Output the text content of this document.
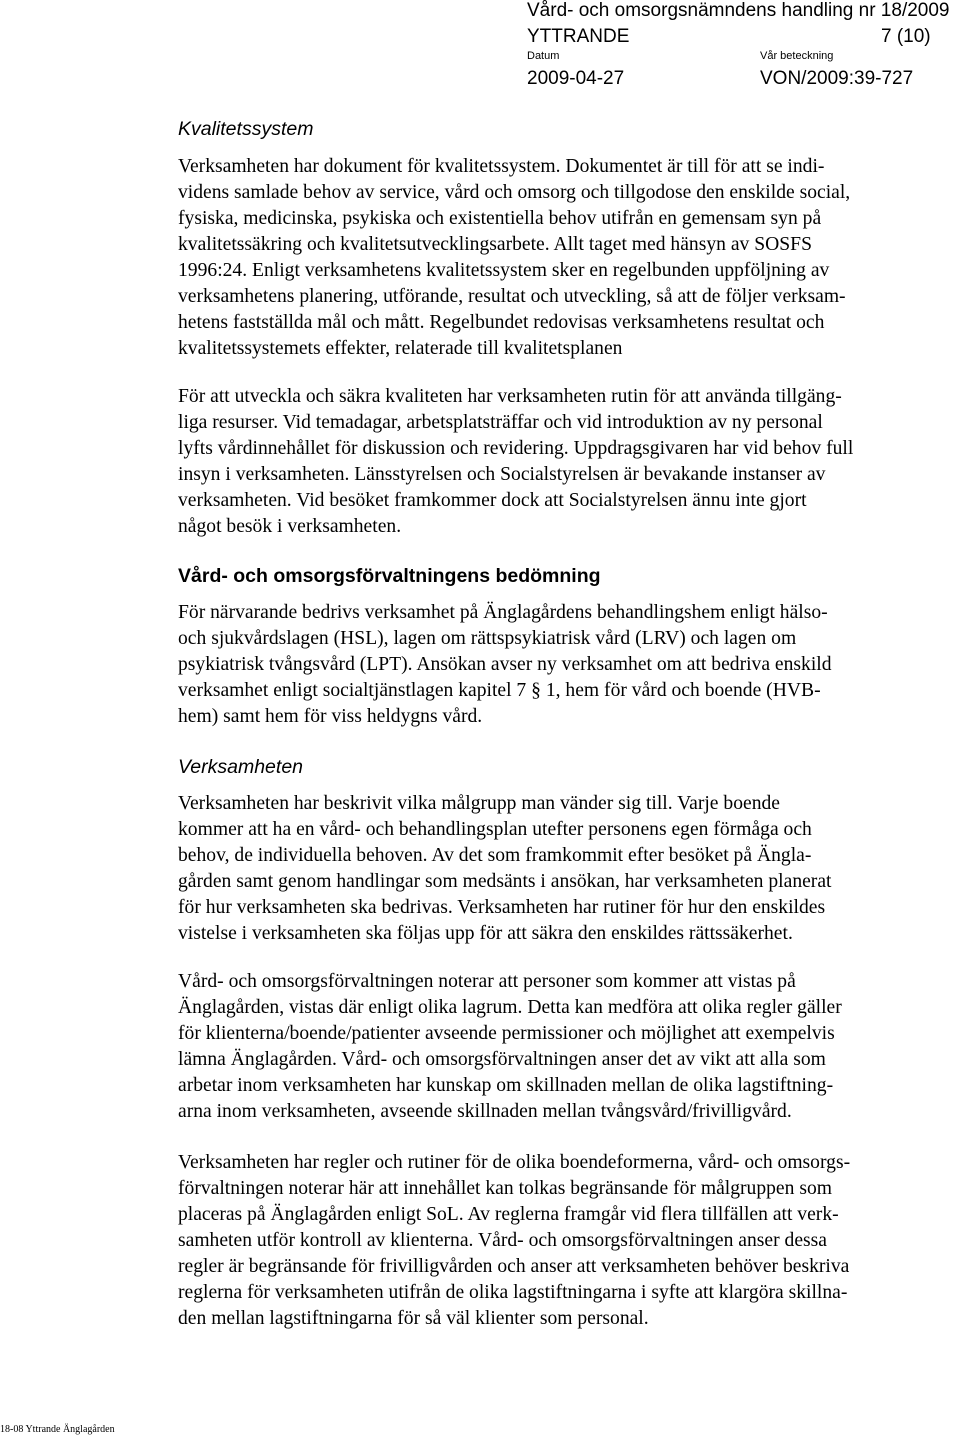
Vård- och omsorgsnämndens handling nr 18/2009
YTTRANDE	7 (10)
Datum	Vår beteckning
2009-04-27	VON/2009:39-727
Kvalitetssystem
Verksamheten har dokument för kvalitetssystem. Dokumentet är till för att se indi-
videns samlade behov av service, vård och omsorg och tillgodose den enskilde social,
fysiska, medicinska, psykiska och existentiella behov utifrån en gemensam syn på
kvalitetssäkring och kvalitetsutvecklingsarbete. Allt taget med hänsyn av SOSFS
1996:24. Enligt verksamhetens kvalitetssystem sker en regelbunden uppföljning av
verksamhetens planering, utförande, resultat och utveckling, så att de följer verksam-
hetens fastställda mål och mått. Regelbundet redovisas verksamhetens resultat och
kvalitetssystemets effekter, relaterade till kvalitetsplanen
För att utveckla och säkra kvaliteten har verksamheten rutin för att använda tillgäng-
liga resurser. Vid temadagar, arbetsplatsträffar och vid introduktion av ny personal
lyfts vårdinnehållet för diskussion och revidering. Uppdragsgivaren har vid behov full
insyn i verksamheten. Länsstyrelsen och Socialstyrelsen är bevakande instanser av
verksamheten. Vid besöket framkommer dock att Socialstyrelsen ännu inte gjort
något besök i verksamheten.
Vård- och omsorgsförvaltningens bedömning
För närvarande bedrivs verksamhet på Änglagårdens behandlingshem enligt hälso-
och sjukvårdslagen (HSL), lagen om rättspsykiatrisk vård (LRV) och lagen om
psykiatrisk tvångsvård (LPT). Ansökan avser ny verksamhet om att bedriva enskild
verksamhet enligt socialtjänstlagen kapitel 7 § 1, hem för vård och boende (HVB-
hem) samt hem för viss heldygns vård.
Verksamheten
Verksamheten har beskrivit vilka målgrupp man vänder sig till. Varje boende
kommer att ha en vård- och behandlingsplan utefter personens egen förmåga och
behov, de individuella behoven. Av det som framkommit efter besöket på Ängla-
gården samt genom handlingar som medsänts i ansökan, har verksamheten planerat
för hur verksamheten ska bedrivas. Verksamheten har rutiner för hur den enskildes
vistelse i verksamheten ska följas upp för att säkra den enskildes rättssäkerhet.
Vård- och omsorgsförvaltningen noterar att personer som kommer att vistas på
Änglagården, vistas där enligt olika lagrum. Detta kan medföra att olika regler gäller
för klienterna/boende/patienter avseende permissioner och möjlighet att exempelvis
lämna Änglagården. Vård- och omsorgsförvaltningen anser det av vikt att alla som
arbetar inom verksamheten har kunskap om skillnaden mellan de olika lagstiftning-
arna inom verksamheten, avseende skillnaden mellan tvångsvård/frivilligvård.
Verksamheten har regler och rutiner för de olika boendeformerna, vård- och omsorgs-
förvaltningen noterar här att innehållet kan tolkas begränsande för målgruppen som
placeras på Änglagården enligt SoL. Av reglerna framgår vid flera tillfällen att verk-
samheten utför kontroll av klienterna. Vård- och omsorgsförvaltningen anser dessa
regler är begränsande för frivilligvården och anser att verksamheten behöver beskriva
reglerna för verksamheten utifrån de olika lagstiftningarna i syfte att klargöra skillna-
den mellan lagstiftningarna för så väl klienter som personal.
18-08 Yttrande Änglagården
